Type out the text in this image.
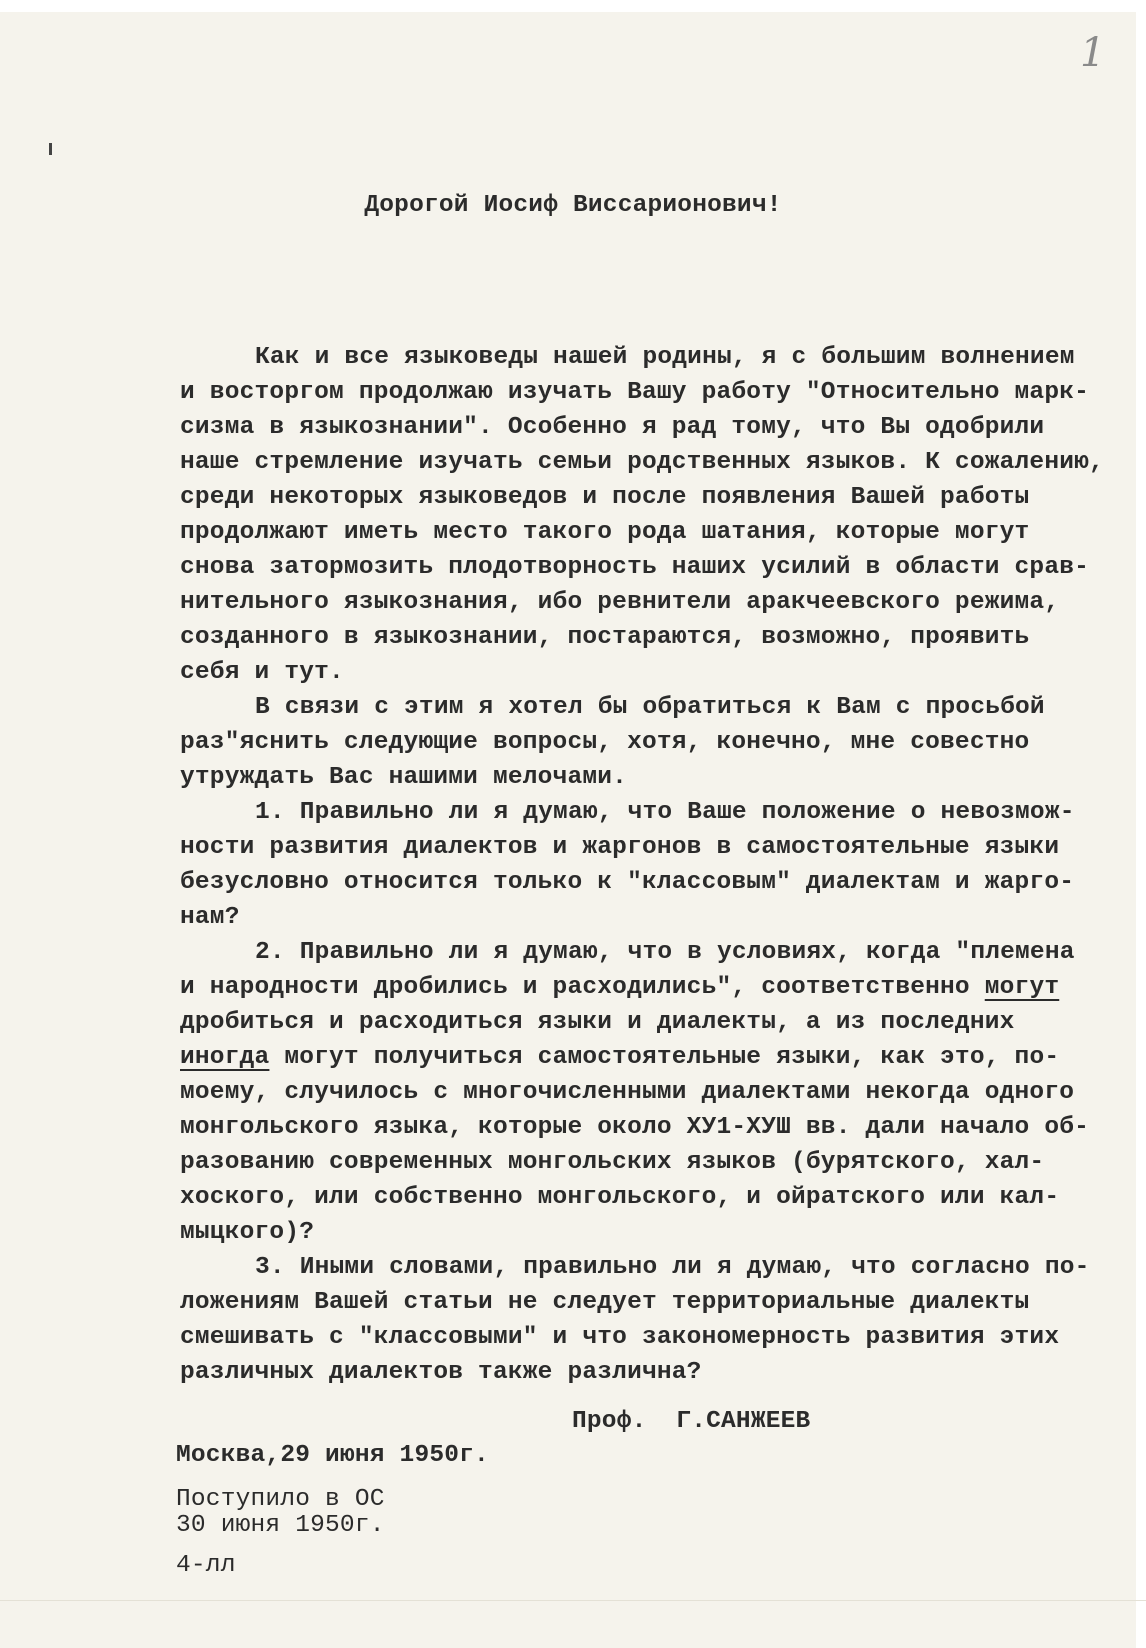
1
Дорогой Иосиф Виссарионович!
Как и все языковеды нашей родины, я с большим волнением
и восторгом продолжаю изучать Вашу работу "Относительно марк-
сизма в языкознании". Особенно я рад тому, что Вы одобрили
наше стремление изучать семьи родственных языков. К сожалению,
среди некоторых языковедов и после появления Вашей работы
продолжают иметь место такого рода шатания, которые могут
снова затормозить плодотворность наших усилий в области срав-
нительного языкознания, ибо ревнители аракчеевского режима,
созданного в языкознании, постараются, возможно, проявить
себя и тут.
В связи с этим я хотел бы обратиться к Вам с просьбой
раз"яснить следующие вопросы, хотя, конечно, мне совестно
утруждать Вас нашими мелочами.
1. Правильно ли я думаю, что Ваше положение о невозмож-
ности развития диалектов и жаргонов в самостоятельные языки
безусловно относится только к "классовым" диалектам и жарго-
нам?
2. Правильно ли я думаю, что в условиях, когда "племена
и народности дробились и расходились", соответственно могут
дробиться и расходиться языки и диалекты, а из последних
иногда могут получиться самостоятельные языки, как это, по-
моему, случилось с многочисленными диалектами некогда одного
монгольского языка, которые около ХУ1-ХУШ вв. дали начало об-
разованию современных монгольских языков (бурятского, хал-
хоского, или собственно монгольского, и ойратского или кал-
мыцкого)?
3. Иными словами, правильно ли я думаю, что согласно по-
ложениям Вашей статьи не следует территориальные диалекты
смешивать с "классовыми" и что закономерность развития этих
различных диалектов также различна?
Проф.  Г.САНЖЕЕВ
Москва,29 июня 1950г.
Поступило в ОС
30 июня 1950г.
4-лл
